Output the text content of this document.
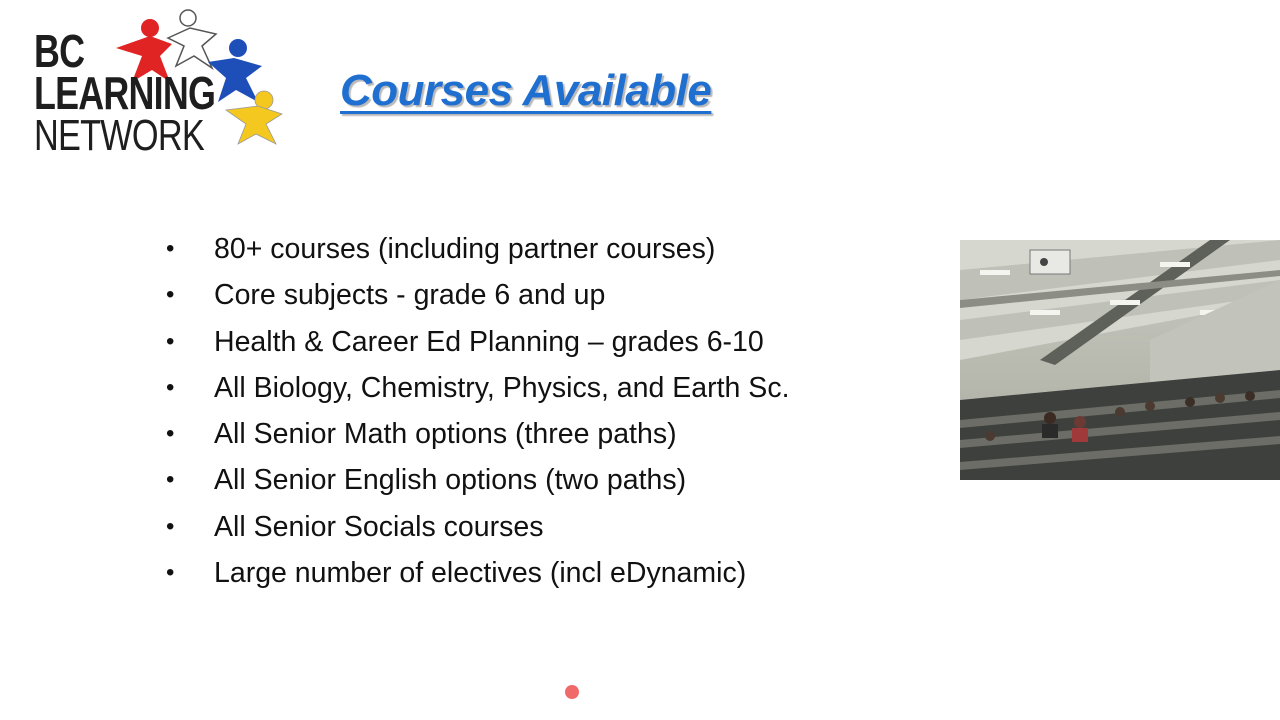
BC
LEARNING
NETWORK
Courses Available
• 80+ courses (including partner courses)
• Core subjects - grade 6 and up
• Health & Career Ed Planning – grades 6-10
• All Biology, Chemistry, Physics, and Earth Sc.
• All Senior Math options (three paths)
• All Senior English options (two paths)
• All Senior Socials courses
• Large number of electives (incl eDynamic)
